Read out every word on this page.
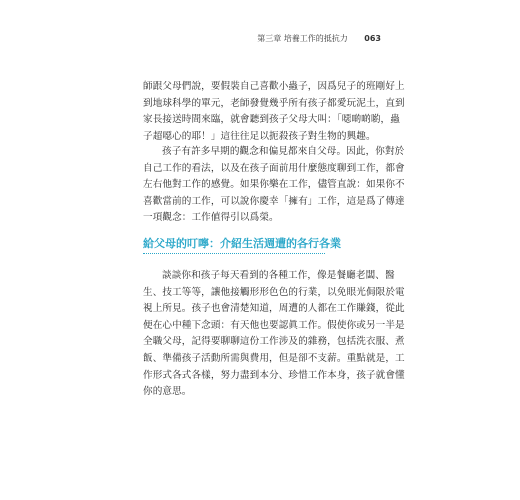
第三章 培養工作的抵抗力 063

師跟父母們說，要假裝自己喜歡小蟲子，因爲兒子的班剛好上
到地球科學的單元，老師發覺幾乎所有孩子都愛玩泥土，直到
家長接送時間來臨，就會聽到孩子父母大叫：「噁啲啲喲，蟲
子超噁心的耶！」這往往足以扼殺孩子對生物的興趣。

孩子有許多早期的觀念和偏見都來自父母。因此，你對於
自己工作的看法，以及在孩子面前用什麼態度聊到工作，都會
左右他對工作的感覺。如果你樂在工作，儘管直說：如果你不
喜歡當前的工作，可以說你慶幸「擁有」工作，這是爲了傳達
一項觀念：工作値得引以爲榮。

給父母的叮嚀：介紹生活週遭的各行各業

談談你和孩子每天看到的各種工作，像是餐廳老闆、醫
生、技工等等，讓他接觸形形色色的行業，以免眼光侷限於電
視上所見。孩子也會清楚知道，周遭的人都在工作賺錢，從此
便在心中種下念頭：有天他也要認眞工作。假使你或另一半是
全職父母，記得要聊聊這份工作涉及的雜務，包括洗衣服、煮
飯、準備孩子活動所需與費用，但是卻不支薪。重點就是，工
作形式各式各樣，努力盡到本分、珍惜工作本身，孩子就會懂
你的意思。
